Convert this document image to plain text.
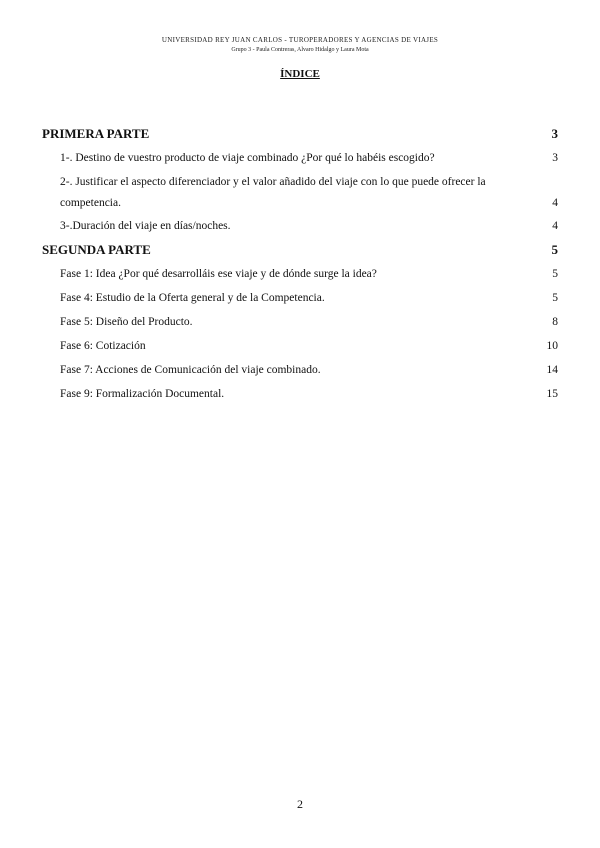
UNIVERSIDAD REY JUAN CARLOS - TUROPERADORES Y AGENCIAS DE VIAJES
Grupo 3 - Paula Contreras, Alvaro Hidalgo y Laura Mota
ÍNDICE
PRIMERA PARTE	3
1-. Destino de vuestro producto de viaje combinado ¿Por qué lo habéis escogido?	3
2-. Justificar el aspecto diferenciador y el valor añadido del viaje con lo que puede ofrecer la competencia.	4
3-.Duración del viaje en días/noches.	4
SEGUNDA PARTE	5
Fase 1: Idea ¿Por qué desarrolláis ese viaje y de dónde surge la idea?	5
Fase 4: Estudio de la Oferta general y de la Competencia.	5
Fase 5: Diseño del Producto.	8
Fase 6: Cotización	10
Fase 7: Acciones de Comunicación del viaje combinado.	14
Fase 9: Formalización Documental.	15
2
